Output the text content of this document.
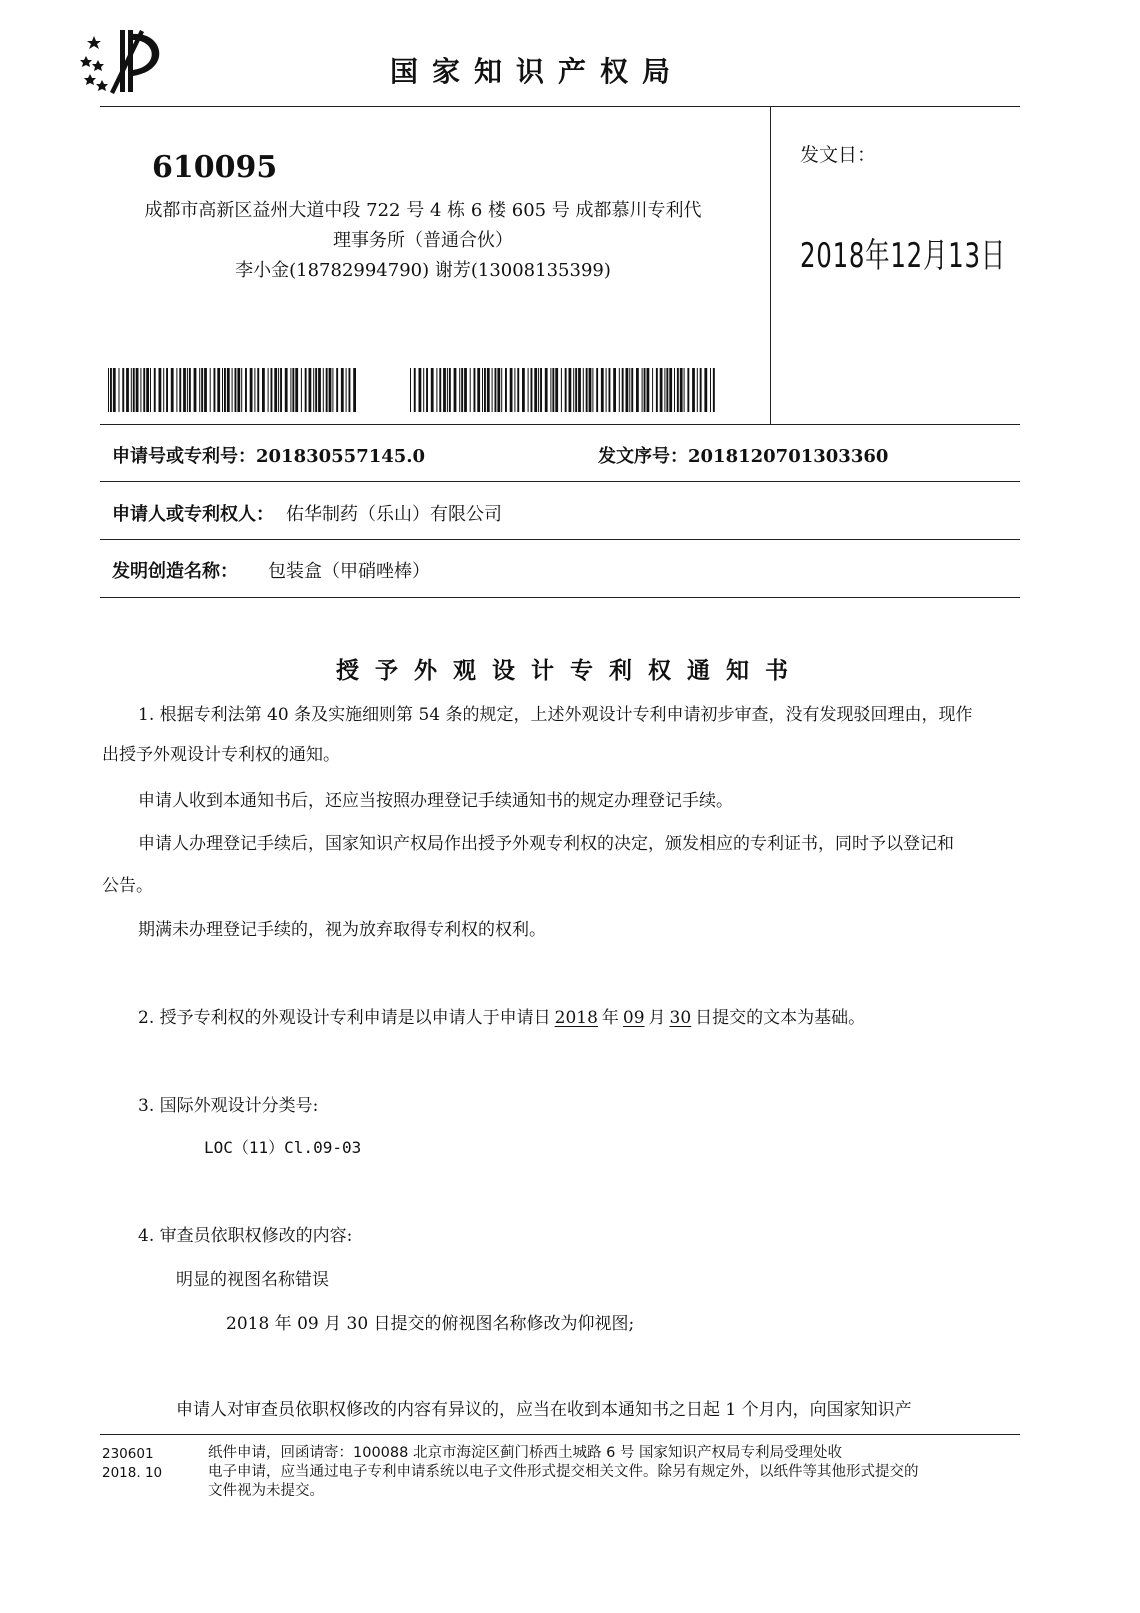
国家知识产权局
610095
成都市高新区益州大道中段 722 号 4 栋 6 楼 605 号 成都慕川专利代
理事务所（普通合伙）
李小金(18782994790) 谢芳(13008135399)
发文日：
2018年12月13日
申请号或专利号：201830557145.0	发文序号：2018120701303360
申请人或专利权人： 佑华制药（乐山）有限公司
发明创造名称： 包装盒（甲硝唑棒）
授予外观设计专利权通知书
1. 根据专利法第 40 条及实施细则第 54 条的规定，上述外观设计专利申请初步审查，没有发现驳回理由，现作
出授予外观设计专利权的通知。
申请人收到本通知书后，还应当按照办理登记手续通知书的规定办理登记手续。
申请人办理登记手续后，国家知识产权局作出授予外观专利权的决定，颁发相应的专利证书，同时予以登记和
公告。
期满未办理登记手续的，视为放弃取得专利权的权利。
2. 授予专利权的外观设计专利申请是以申请人于申请日 2018 年 09 月 30 日提交的文本为基础。
3. 国际外观设计分类号:
LOC（11）Cl.09-03
4. 审查员依职权修改的内容:
明显的视图名称错误
2018 年 09 月 30 日提交的俯视图名称修改为仰视图;
申请人对审查员依职权修改的内容有异议的，应当在收到本通知书之日起 1 个月内，向国家知识产
230601
2018. 10
纸件申请，回函请寄：100088 北京市海淀区蓟门桥西土城路 6 号 国家知识产权局专利局受理处收
电子申请，应当通过电子专利申请系统以电子文件形式提交相关文件。除另有规定外，以纸件等其他形式提交的
文件视为未提交。
